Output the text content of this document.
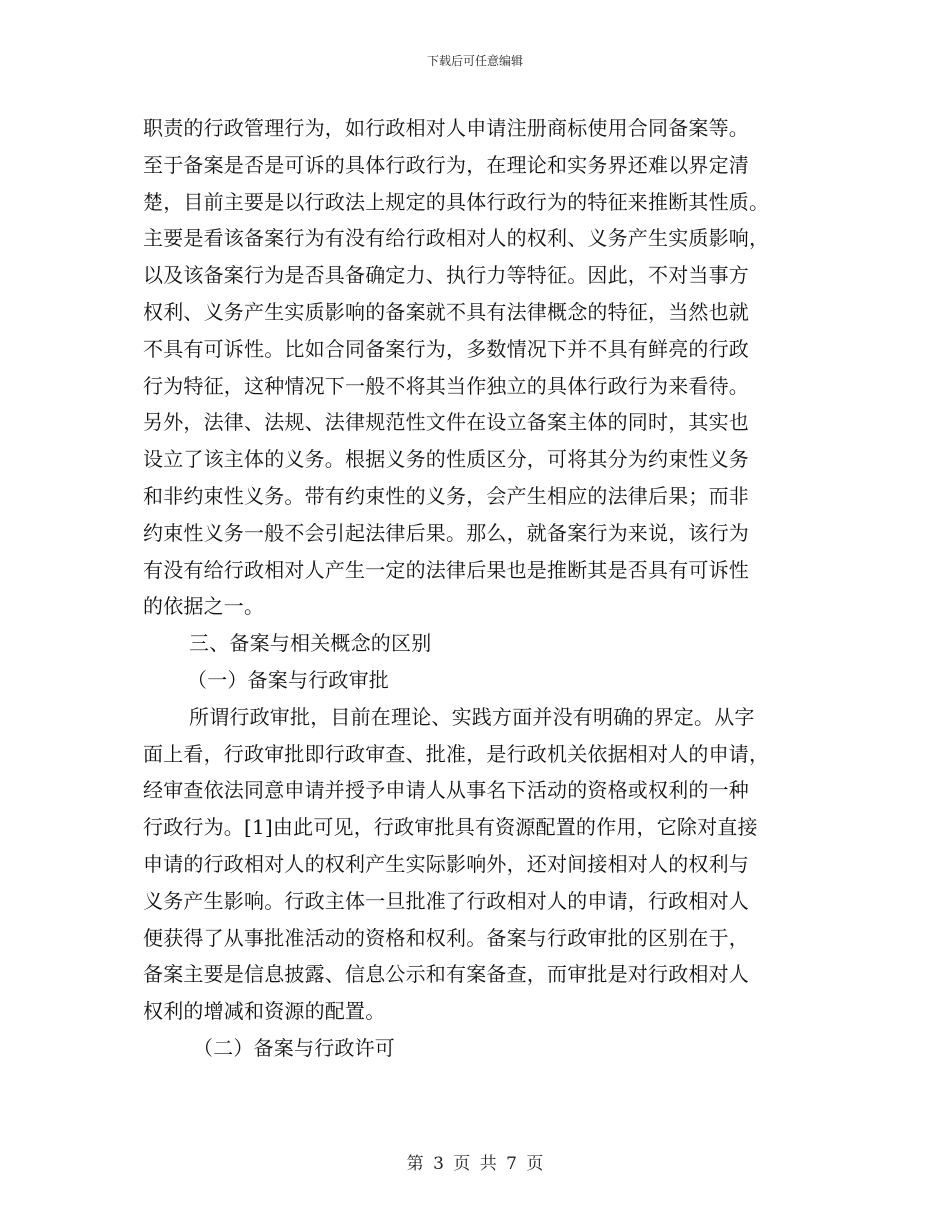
下载后可任意编辑
职责的行政管理行为，如行政相对人申请注册商标使用合同备案等。
至于备案是否是可诉的具体行政行为，在理论和实务界还难以界定清
楚，目前主要是以行政法上规定的具体行政行为的特征来推断其性质。
主要是看该备案行为有没有给行政相对人的权利、义务产生实质影响，
以及该备案行为是否具备确定力、执行力等特征。因此，不对当事方
权利、义务产生实质影响的备案就不具有法律概念的特征，当然也就
不具有可诉性。比如合同备案行为，多数情况下并不具有鲜亮的行政
行为特征，这种情况下一般不将其当作独立的具体行政行为来看待。
另外，法律、法规、法律规范性文件在设立备案主体的同时，其实也
设立了该主体的义务。根据义务的性质区分，可将其分为约束性义务
和非约束性义务。带有约束性的义务，会产生相应的法律后果；而非
约束性义务一般不会引起法律后果。那么，就备案行为来说，该行为
有没有给行政相对人产生一定的法律后果也是推断其是否具有可诉性
的依据之一。
三、备案与相关概念的区别
（一）备案与行政审批
所谓行政审批，目前在理论、实践方面并没有明确的界定。从字
面上看，行政审批即行政审查、批准，是行政机关依据相对人的申请，
经审查依法同意申请并授予申请人从事名下活动的资格或权利的一种
行政行为。[1]由此可见，行政审批具有资源配置的作用，它除对直接
申请的行政相对人的权利产生实际影响外，还对间接相对人的权利与
义务产生影响。行政主体一旦批准了行政相对人的申请，行政相对人
便获得了从事批准活动的资格和权利。备案与行政审批的区别在于，
备案主要是信息披露、信息公示和有案备查，而审批是对行政相对人
权利的增减和资源的配置。
（二）备案与行政许可
第 3 页 共 7 页
